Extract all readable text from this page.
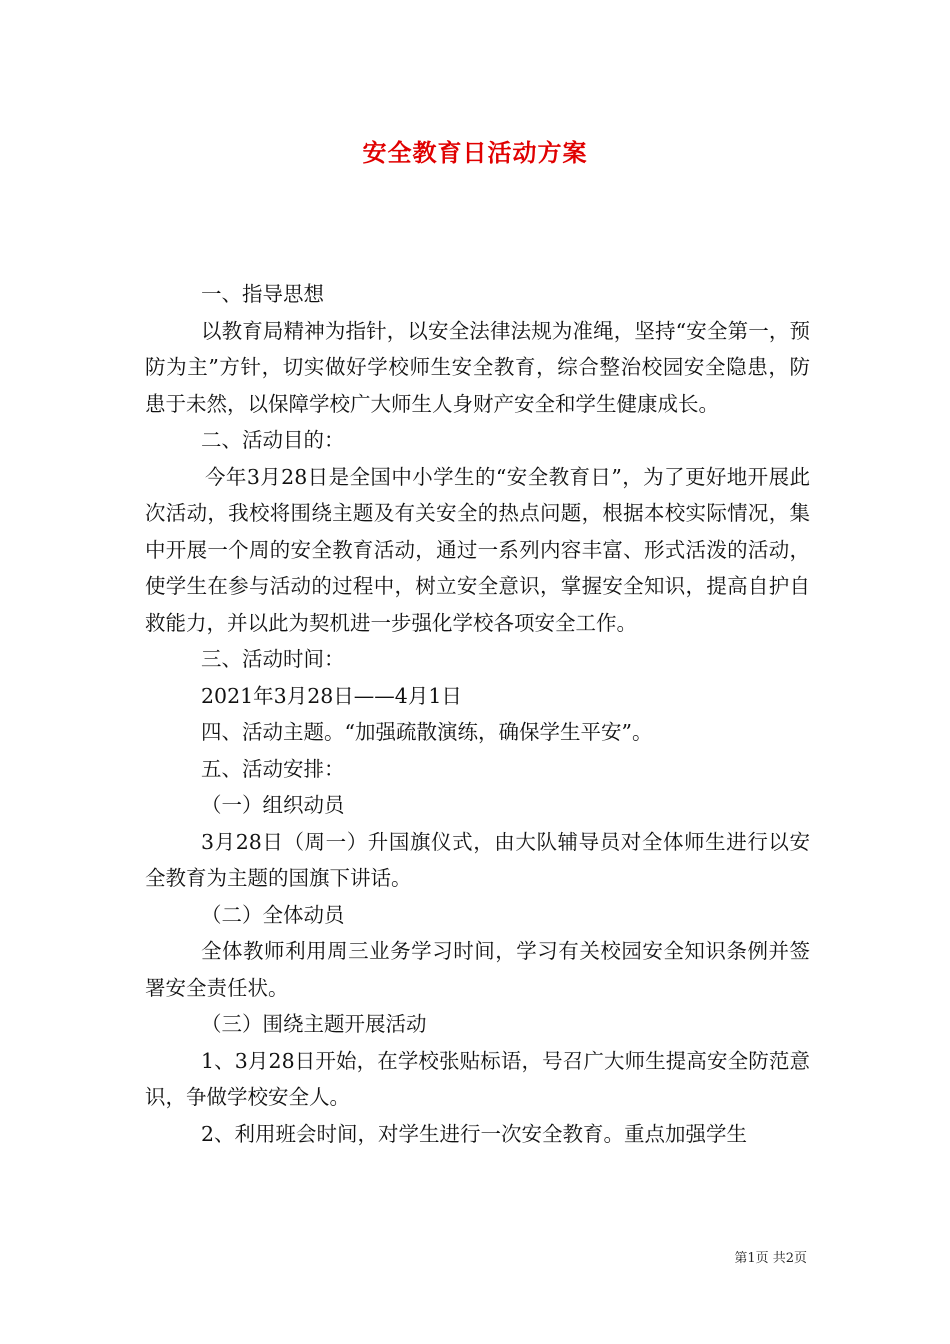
安全教育日活动方案

一、指导思想

以教育局精神为指针，以安全法律法规为准绳，坚持“安全第一，预防为主”方针，切实做好学校师生安全教育，综合整治校园安全隐患，防患于未然，以保障学校广大师生人身财产安全和学生健康成长。

二、活动目的：

今年3月28日是全国中小学生的“安全教育日”，为了更好地开展此次活动，我校将围绕主题及有关安全的热点问题，根据本校实际情况，集中开展一个周的安全教育活动，通过一系列内容丰富、形式活泼的活动，使学生在参与活动的过程中，树立安全意识，掌握安全知识，提高自护自救能力，并以此为契机进一步强化学校各项安全工作。

三、活动时间：

2021年3月28日——4月1日

四、活动主题。“加强疏散演练，确保学生平安”。

五、活动安排：

（一）组织动员

3月28日（周一）升国旗仪式，由大队辅导员对全体师生进行以安全教育为主题的国旗下讲话。

（二）全体动员

全体教师利用周三业务学习时间，学习有关校园安全知识条例并签署安全责任状。

（三）围绕主题开展活动

1、3月28日开始，在学校张贴标语，号召广大师生提高安全防范意识，争做学校安全人。

2、利用班会时间，对学生进行一次安全教育。重点加强学生

第1页 共2页
